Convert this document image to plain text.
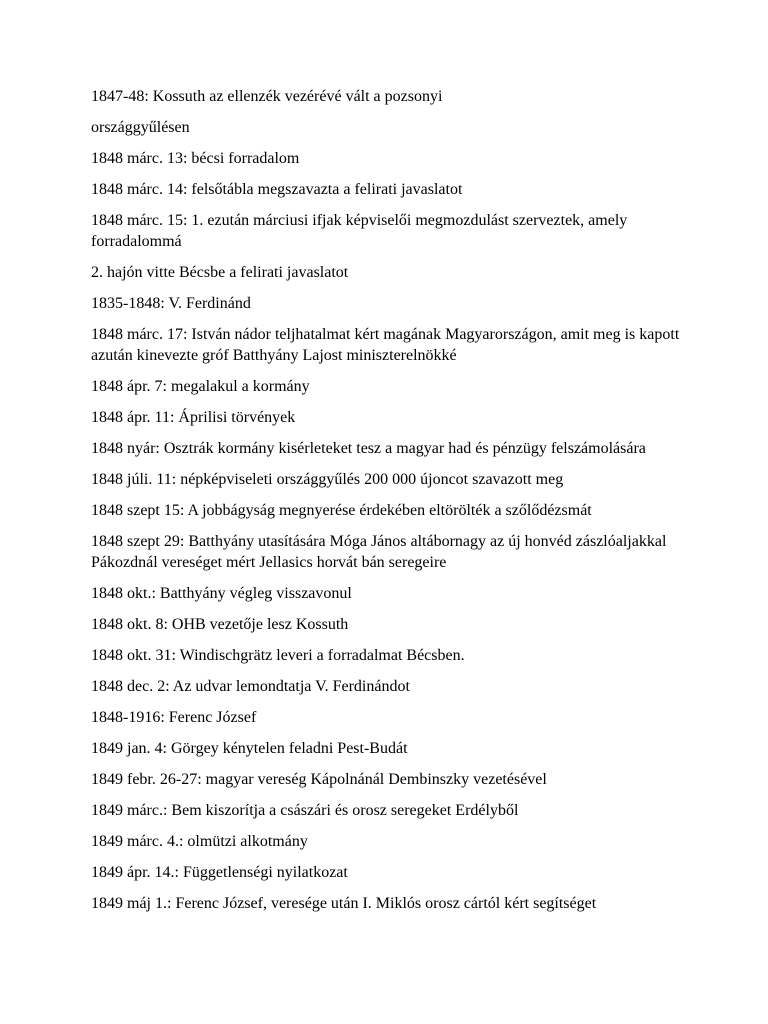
1847-48: Kossuth az ellenzék vezérévé vált a pozsonyi

országgyűlésen

1848 márc. 13: bécsi forradalom

1848 márc. 14: felsőtábla megszavazta a felirati javaslatot

1848 márc. 15: 1. ezután márciusi ifjak képviselői megmozdulást szerveztek, amely forradalommá

2. hajón vitte Bécsbe a felirati javaslatot

1835-1848: V. Ferdinánd

1848 márc. 17: István nádor teljhatalmat kért magának Magyarországon, amit meg is kapott azután kinevezte gróf Batthyány Lajost miniszterelnökké

1848 ápr. 7: megalakul a kormány

1848 ápr. 11: Áprilisi törvények

1848 nyár: Osztrák kormány kisérleteket tesz a magyar had és pénzügy felszámolására

1848 júli. 11: népképviseleti országgyűlés 200 000 újoncot szavazott meg

1848 szept 15: A jobbágyság megnyerése érdekében eltörölték a szőlődézsmát

1848 szept 29: Batthyány utasítására Móga János altábornagy az új honvéd zászlóaljakkal Pákozdnál vereséget mért Jellasics horvát bán seregeire

1848 okt.: Batthyány végleg visszavonul

1848 okt. 8: OHB vezetője lesz Kossuth

1848 okt. 31: Windischgrätz leveri a forradalmat Bécsben.

1848 dec. 2: Az udvar lemondtatja V. Ferdinándot

1848-1916: Ferenc József

1849 jan. 4: Görgey kénytelen feladni Pest-Budát

1849 febr. 26-27: magyar vereség Kápolnánál Dembinszky vezetésével

1849 márc.: Bem kiszorítja a császári és orosz seregeket Erdélyből

1849 márc. 4.: olmützi alkotmány

1849 ápr. 14.: Függetlenségi nyilatkozat

1849 máj 1.: Ferenc József, veresége után I. Miklós orosz cártól kért segítséget
